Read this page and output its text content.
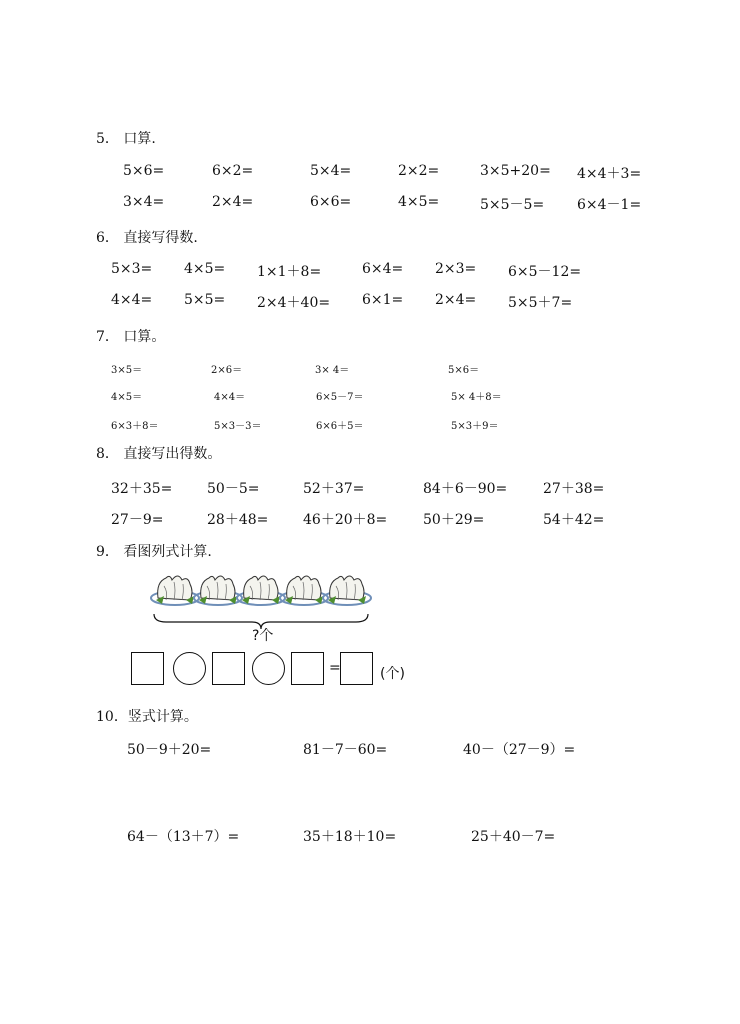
5． 口算.
5×6=	6×2=	5×4=	2×2=	3×5+20= 4×4＋3=
3×4=	2×4=	6×6=	4×5=	5×5－5= 6×4－1=
6． 直接写得数.
5×3= 4×5= 1×1＋8=	6×4= 2×3= 6×5－12=
4×4= 5×5= 2×4＋40= 6×1= 2×4= 5×5＋7=
7． 口算。
3×5＝	2×6＝	3× 4＝	5×6＝
4×5＝	4×4＝	6×5－7＝	5× 4＋8＝
6×3＋8＝	5×3－3＝	6×6＋5＝	5×3＋9＝
8． 直接写出得数。
32＋35= 50－5=	52＋37=	84＋6－90=	27＋38=
27－9=	28＋48= 46＋20＋8=	50＋29=	54＋42=
9． 看图列式计算.
?个
=	(个)
10．竖式计算。
50－9＋20=	81－7－60=	40－（27－9）=
64－（13＋7）=	35＋18＋10=	25＋40－7=
